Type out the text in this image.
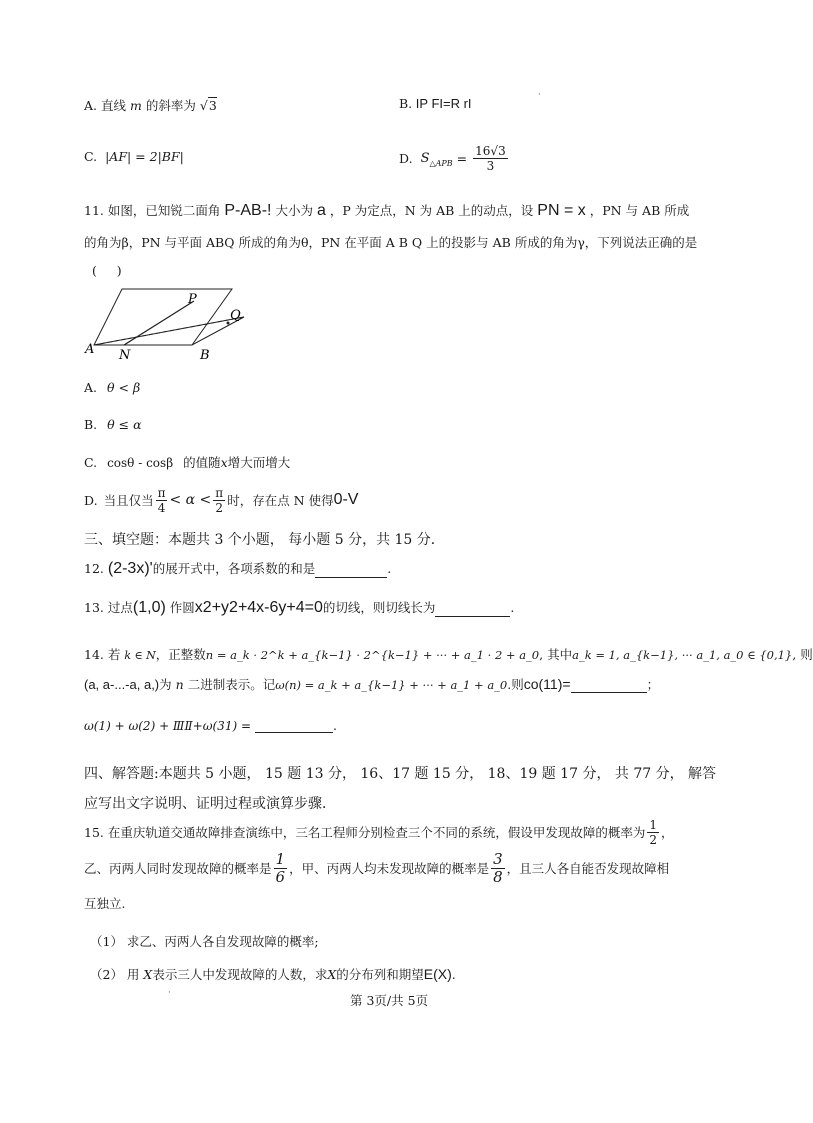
A. 直线 m 的斜率为 √3	B. IP FI=R rI
·
C. |AF| = 2|BF|	D. $S_{\triangle APB} = \frac{16√3}{3}$
11. 如图，已知锐二面角 P-AB-! 大小为 a ，P 为定点，N 为 AB 上的动点，设 PN = x ，PN 与 AB 所成
的角为β，PN 与平面 ABQ 所成的角为θ，PN 在平面 A B Q 上的投影与 AB 所成的角为γ，下列说法正确的是
(     )
P
Q
A N	B
A. θ < β
B. θ ≤ α
C. cosθ - cosβ 的值随x增大而增大
D. 当且仅当 $\frac{\pi}{4} < \alpha < \frac{\pi}{2}$ 时，存在点 N 使得 0-V
三、填空题：本题共 3 个小题， 每小题 5 分，共 15 分．
12. (2-3x)'的展开式中，各项系数的和是	.
13. 过点(1,0) 作圆x2+y2+4x-6y+4=0的切线，则切线长为	.
14. 若 k ∈ N，正整数n = a_k · 2^k + a_{k−1} · 2^{k−1} + ··· + a_1 · 2 + a_0, 其中a_k = 1, a_{k−1}, ··· a_1, a_0 ∈ {0,1}, 则
(a, a-...-a, a,)为 n 二进制表示。记ω(n) = a_k + a_{k−1} + ··· + a_1 + a_0.则co(11)=	；
ω(1) + ω(2) + ⅢⅡ+ω(31) =	.
四、解答题:本题共 5 小题， 15 题 13 分， 16、17 题 15 分， 18、19 题 17 分， 共 77 分， 解答
应写出文字说明、证明过程或演算步骤．
15. 在重庆轨道交通故障排查演练中，三名工程师分别检查三个不同的系统，假设甲发现故障的概率为 $\frac{1}{2}$ ，
乙、丙两人同时发现故障的概率是 $\frac{1}{6}$ ，甲、丙两人均未发现故障的概率是 $\frac{3}{8}$ ，且三人各自能否发现故障相
互独立.
（1） 求乙、丙两人各自发现故障的概率;
（2） 用 X表示三人中发现故障的人数，求X的分布列和期望E(X).
·	第 3页/共 5页
